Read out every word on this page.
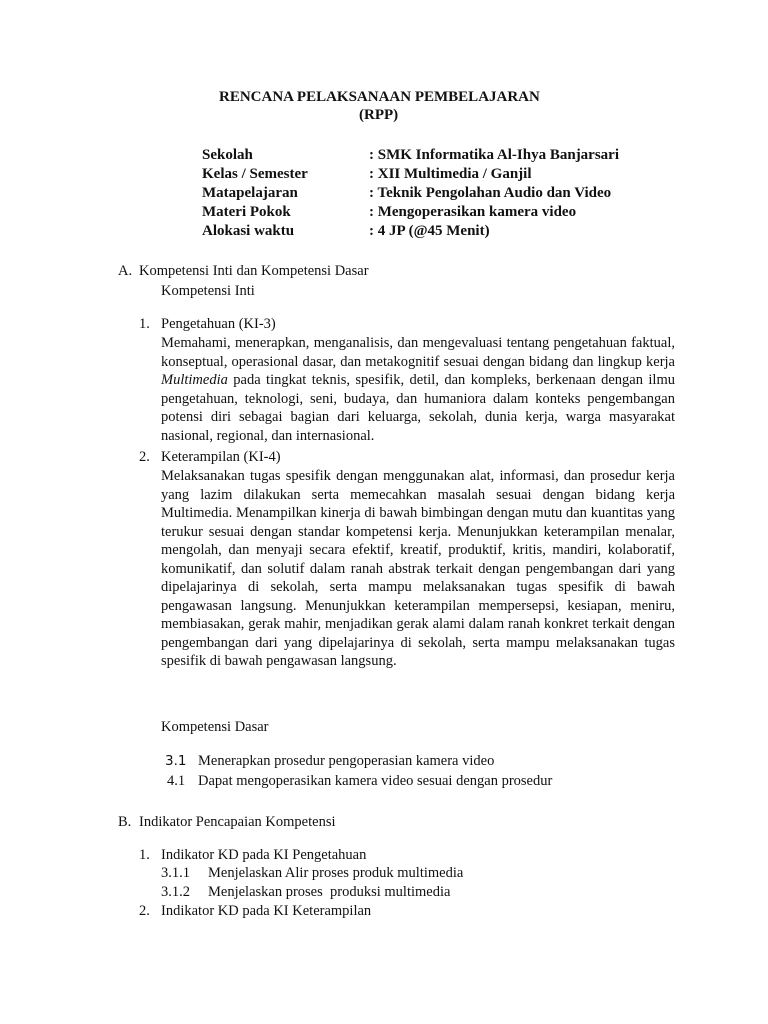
RENCANA PELAKSANAAN PEMBELAJARAN
(RPP)
Sekolah	: SMK Informatika Al-Ihya Banjarsari
Kelas / Semester	: XII Multimedia / Ganjil
Matapelajaran	: Teknik Pengolahan Audio dan Video
Materi Pokok	: Mengoperasikan kamera video
Alokasi waktu	: 4 JP (@45 Menit)
A. Kompetensi Inti dan Kompetensi Dasar
Kompetensi Inti
1. Pengetahuan (KI-3)
Memahami, menerapkan, menganalisis, dan mengevaluasi tentang pengetahuan faktual, konseptual, operasional dasar, dan metakognitif sesuai dengan bidang dan lingkup kerja Multimedia pada tingkat teknis, spesifik, detil, dan kompleks, berkenaan dengan ilmu pengetahuan, teknologi, seni, budaya, dan humaniora dalam konteks pengembangan potensi diri sebagai bagian dari keluarga, sekolah, dunia kerja, warga masyarakat nasional, regional, dan internasional.
2. Keterampilan (KI-4)
Melaksanakan tugas spesifik dengan menggunakan alat, informasi, dan prosedur kerja yang lazim dilakukan serta memecahkan masalah sesuai dengan bidang kerja Multimedia. Menampilkan kinerja di bawah bimbingan dengan mutu dan kuantitas yang terukur sesuai dengan standar kompetensi kerja. Menunjukkan keterampilan menalar, mengolah, dan menyaji secara efektif, kreatif, produktif, kritis, mandiri, kolaboratif, komunikatif, dan solutif dalam ranah abstrak terkait dengan pengembangan dari yang dipelajarinya di sekolah, serta mampu melaksanakan tugas spesifik di bawah pengawasan langsung. Menunjukkan keterampilan mempersepsi, kesiapan, meniru, membiasakan, gerak mahir, menjadikan gerak alami dalam ranah konkret terkait dengan pengembangan dari yang dipelajarinya di sekolah, serta mampu melaksanakan tugas spesifik di bawah pengawasan langsung.
Kompetensi Dasar
3.1 Menerapkan prosedur pengoperasian kamera video
4.1 Dapat mengoperasikan kamera video sesuai dengan prosedur
B. Indikator Pencapaian Kompetensi
1. Indikator KD pada KI Pengetahuan
3.1.1 Menjelaskan Alir proses produk multimedia
3.1.2 Menjelaskan proses  produksi multimedia
2. Indikator KD pada KI Keterampilan
